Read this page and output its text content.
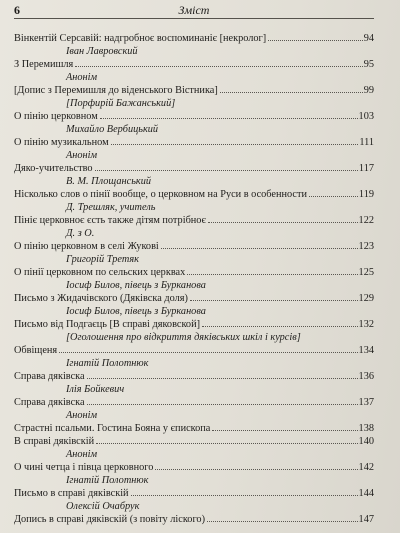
6	Зміст
Вінкентій Серсавій: надгробноє воспоминаніє [некролог]	94
Іван Лавровский
З Перемишля	95
Анонім
[Допис з Перемишля до віденського Вістника]	99
[Порфирій Бажанський]
О пінію церковном	103
Михайло Вербицький
О пінію музикальном	111
Анонім
Дяко-учительство	117
В. М. Площанський
Нісколько слов о пінії вообще, о церковном на Руси в особенности	119
Д. Трешляк, учитель
Пініє церковноє єсть также дітям потрібноє	122
Д. з О.
О пінію церковном в селі Жукові	123
Григорій Третяк
О пінії церковном по сельских церквах	125
Іосиф Билов, півець з Бурканова
Письмо з Жидачівского (Дяківска доля)	129
Іосиф Билов, півець з Бурканова
Письмо від Подгаєць [В справі дяковской]	132
[Оголошення про відкриття дяківських шкіл і курсів]
Обвіщеня	134
Ігнатій Полотнюк
Справа дяківска	136
Ілія Бойкевич
Справа дяківска	137
Анонім
Страстні псальми. Гостина Бояна у єпископа	138
В справі дяківскій	140
Анонім
О чині четца і півца церковного	142
Ігнатій Полотнюк
Письмо в справі дяківскій	144
Олексій Очабрук
Допись в справі дяківскій (з повіту ліского)	147
